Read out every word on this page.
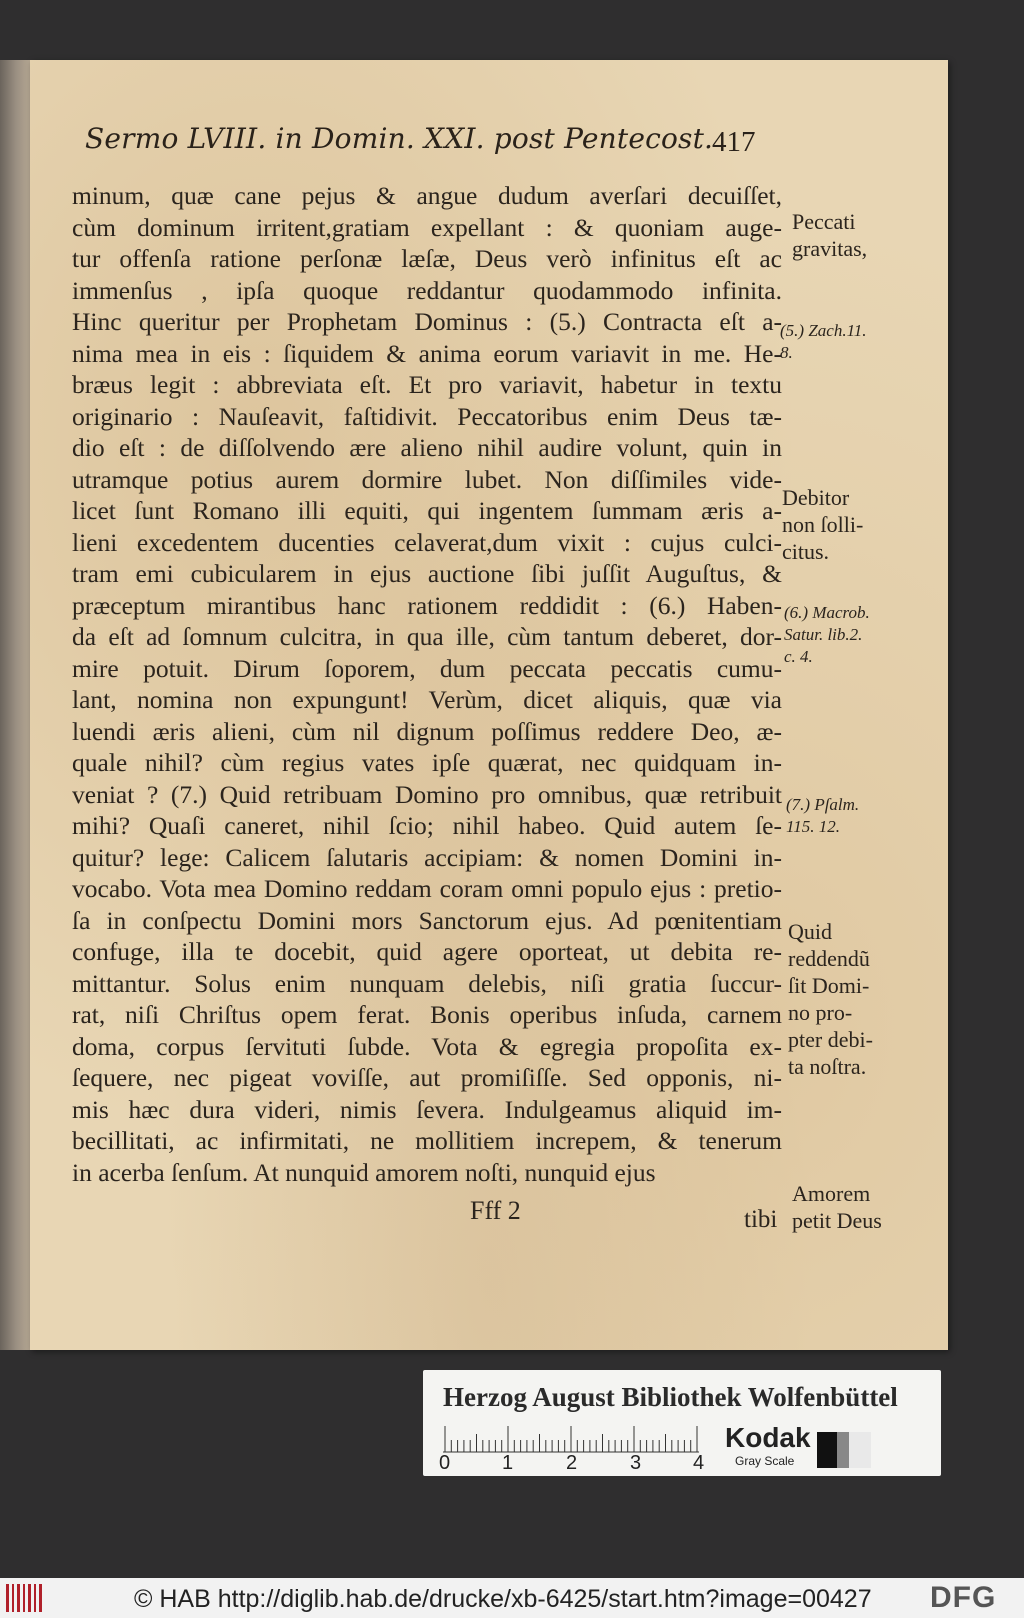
Sermo LVIII. in Domin. XXI. post Pentecost.
417
minum, quæ cane pejus & angue dudum averſari decuiſſet,
cùm dominum irritent,gratiam expellant : & quoniam auge-
tur offenſa ratione perſonæ læſæ, Deus verò infinitus eſt ac
immenſus , ipſa quoque reddantur quodammodo infinita.
Hinc queritur per Prophetam Dominus : (5.) Contracta eſt a-
nima mea in eis : ſiquidem & anima eorum variavit in me. He-
bræus legit : abbreviata eſt. Et pro variavit, habetur in textu
originario : Nauſeavit, faſtidivit. Peccatoribus enim Deus tæ-
dio eſt : de diſſolvendo ære alieno nihil audire volunt, quin in
utramque potius aurem dormire lubet. Non diſſimiles vide-
licet ſunt Romano illi equiti, qui ingentem ſummam æris a-
lieni excedentem ducenties celaverat,dum vixit : cujus culci-
tram emi cubicularem in ejus auctione ſibi juſſit Auguſtus, &
præceptum mirantibus hanc rationem reddidit : (6.) Haben-
da eſt ad ſomnum culcitra, in qua ille, cùm tantum deberet, dor-
mire potuit. Dirum ſoporem, dum peccata peccatis cumu-
lant, nomina non expungunt! Verùm, dicet aliquis, quæ via
luendi æris alieni, cùm nil dignum poſſimus reddere Deo, æ-
quale nihil? cùm regius vates ipſe quærat, nec quidquam in-
veniat ? (7.) Quid retribuam Domino pro omnibus, quæ retribuit
mihi? Quaſi caneret, nihil ſcio; nihil habeo. Quid autem ſe-
quitur? lege: Calicem ſalutaris accipiam: & nomen Domini in-
vocabo. Vota mea Domino reddam coram omni populo ejus : pretio-
ſa in conſpectu Domini mors Sanctorum ejus. Ad pœnitentiam
confuge, illa te docebit, quid agere oporteat, ut debita re-
mittantur. Solus enim nunquam delebis, niſi gratia ſuccur-
rat, niſi Chriſtus opem ferat. Bonis operibus inſuda, carnem
doma, corpus ſervituti ſubde. Vota & egregia propoſita ex-
ſequere, nec pigeat voviſſe, aut promiſiſſe. Sed opponis, ni-
mis hæc dura videri, nimis ſevera. Indulgeamus aliquid im-
becillitati, ac infirmitati, ne mollitiem increpem, & tenerum
in acerba ſenſum. At nunquid amorem noſti, nunquid ejus
Fff 2	tibi
Peccati
gravitas,
(5.) Zach.11.
8.
Debitor
non ſolli-
citus.
(6.) Macrob.
Satur. lib.2.
c. 4.
(7.) Pſalm.
115. 12.
Quid
reddendũ
ſit Domi-
no pro-
pter debi-
ta noſtra.
Amorem
petit Deus
Herzog August Bibliothek Wolfenbüttel
0	1	2	3	4
Kodak
Gray Scale
© HAB http://diglib.hab.de/drucke/xb-6425/start.htm?image=00427 DFG
